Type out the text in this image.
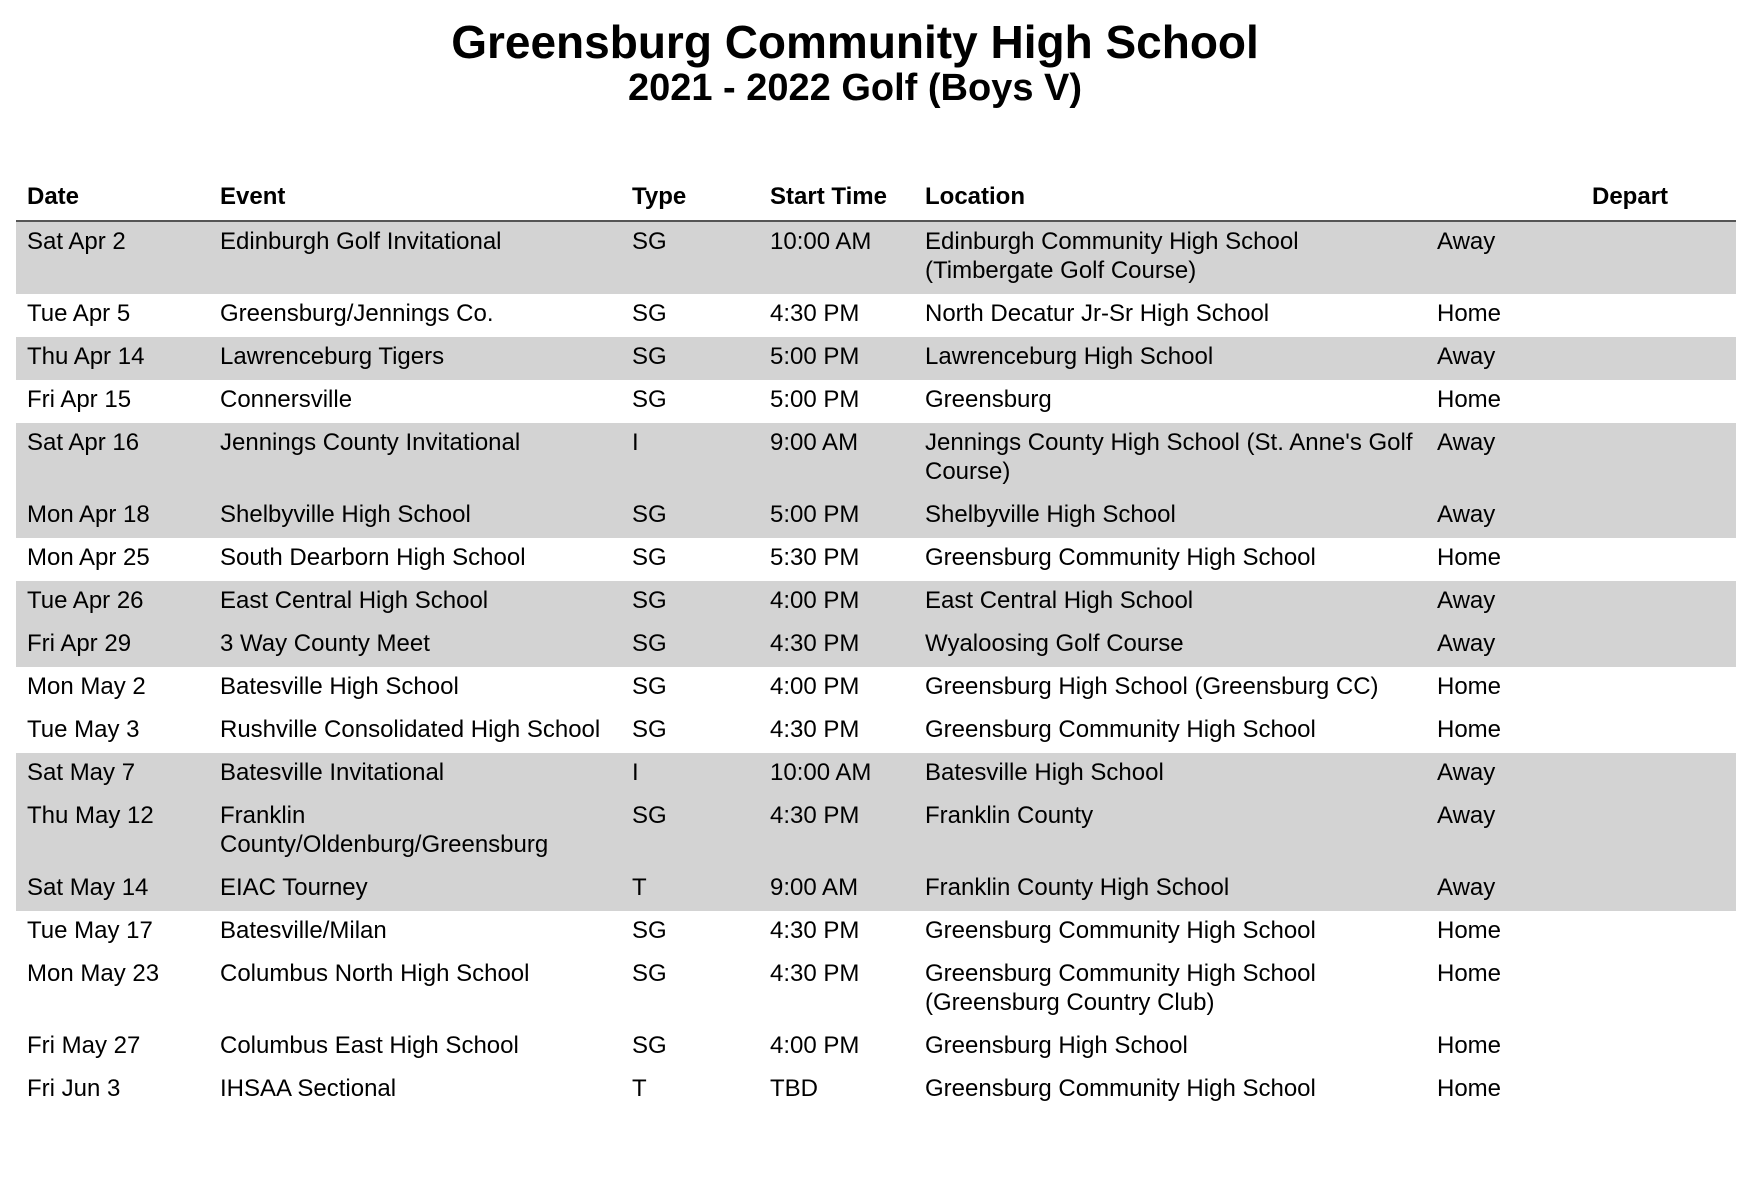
Greensburg Community High School
2021 - 2022 Golf (Boys V)
Date	Event	Type	Start Time	Location		Depart
Sat Apr 2	Edinburgh Golf Invitational	SG	10:00 AM	Edinburgh Community High School (Timbergate Golf Course)	Away	
Tue Apr 5	Greensburg/Jennings Co.	SG	4:30 PM	North Decatur Jr-Sr High School	Home	
Thu Apr 14	Lawrenceburg Tigers	SG	5:00 PM	Lawrenceburg High School	Away	
Fri Apr 15	Connersville	SG	5:00 PM	Greensburg	Home	
Sat Apr 16	Jennings County Invitational	I	9:00 AM	Jennings County High School (St. Anne's Golf Course)	Away	
Mon Apr 18	Shelbyville High School	SG	5:00 PM	Shelbyville High School	Away	
Mon Apr 25	South Dearborn High School	SG	5:30 PM	Greensburg Community High School	Home	
Tue Apr 26	East Central High School	SG	4:00 PM	East Central High School	Away	
Fri Apr 29	3 Way County Meet	SG	4:30 PM	Wyaloosing Golf Course	Away	
Mon May 2	Batesville High School	SG	4:00 PM	Greensburg High School (Greensburg CC)	Home	
Tue May 3	Rushville Consolidated High School	SG	4:30 PM	Greensburg Community High School	Home	
Sat May 7	Batesville Invitational	I	10:00 AM	Batesville High School	Away	
Thu May 12	Franklin County/Oldenburg/Greensburg	SG	4:30 PM	Franklin County	Away	
Sat May 14	EIAC Tourney	T	9:00 AM	Franklin County High School	Away	
Tue May 17	Batesville/Milan	SG	4:30 PM	Greensburg Community High School	Home	
Mon May 23	Columbus North High School	SG	4:30 PM	Greensburg Community High School (Greensburg Country Club)	Home	
Fri May 27	Columbus East High School	SG	4:00 PM	Greensburg High School	Home	
Fri Jun 3	IHSAA Sectional	T	TBD	Greensburg Community High School	Home	
